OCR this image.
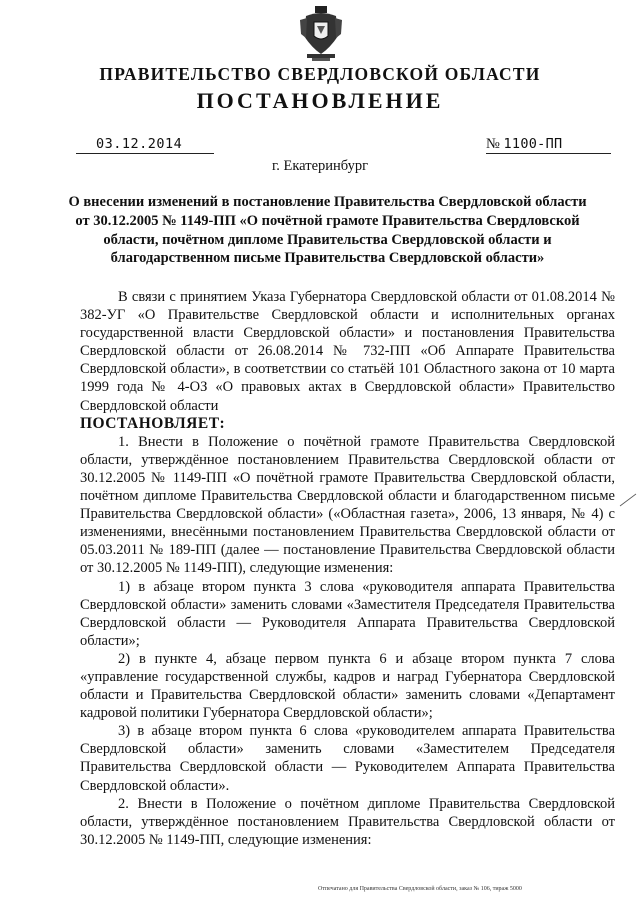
ПРАВИТЕЛЬСТВО СВЕРДЛОВСКОЙ ОБЛАСТИ
ПОСТАНОВЛЕНИЕ
03.12.2014	№ 1100-ПП
г. Екатеринбург
О внесении изменений в постановление Правительства Свердловской области от 30.12.2005 № 1149-ПП «О почётной грамоте Правительства Свердловской области, почётном дипломе Правительства Свердловской области и благодарственном письме Правительства Свердловской области»

В связи с принятием Указа Губернатора Свердловской области от 01.08.2014 № 382-УГ «О Правительстве Свердловской области и исполнительных органах государственной власти Свердловской области» и постановления Правительства Свердловской области от 26.08.2014 № 732-ПП «Об Аппарате Правительства Свердловской области», в соответствии со статьёй 101 Областного закона от 10 марта 1999 года № 4-ОЗ «О правовых актах в Свердловской области» Правительство Свердловской области

ПОСТАНОВЛЯЕТ:

1. Внести в Положение о почётной грамоте Правительства Свердловской области, утверждённое постановлением Правительства Свердловской области от 30.12.2005 № 1149-ПП «О почётной грамоте Правительства Свердловской области, почётном дипломе Правительства Свердловской области и благодарственном письме Правительства Свердловской области» («Областная газета», 2006, 13 января, № 4) с изменениями, внесёнными постановлением Правительства Свердловской области от 05.03.2011 № 189-ПП (далее — постановление Правительства Свердловской области от 30.12.2005 № 1149-ПП), следующие изменения:

1) в абзаце втором пункта 3 слова «руководителя аппарата Правительства Свердловской области» заменить словами «Заместителя Председателя Правительства Свердловской области — Руководителя Аппарата Правительства Свердловской области»;

2) в пункте 4, абзаце первом пункта 6 и абзаце втором пункта 7 слова «управление государственной службы, кадров и наград Губернатора Свердловской области и Правительства Свердловской области» заменить словами «Департамент кадровой политики Губернатора Свердловской области»;

3) в абзаце втором пункта 6 слова «руководителем аппарата Правительства Свердловской области» заменить словами «Заместителем Председателя Правительства Свердловской области — Руководителем Аппарата Правительства Свердловской области».

2. Внести в Положение о почётном дипломе Правительства Свердловской области, утверждённое постановлением Правительства Свердловской области от 30.12.2005 № 1149-ПП, следующие изменения:

Отпечатано для Правительства Свердловской области, заказ № 106, тираж 5000
